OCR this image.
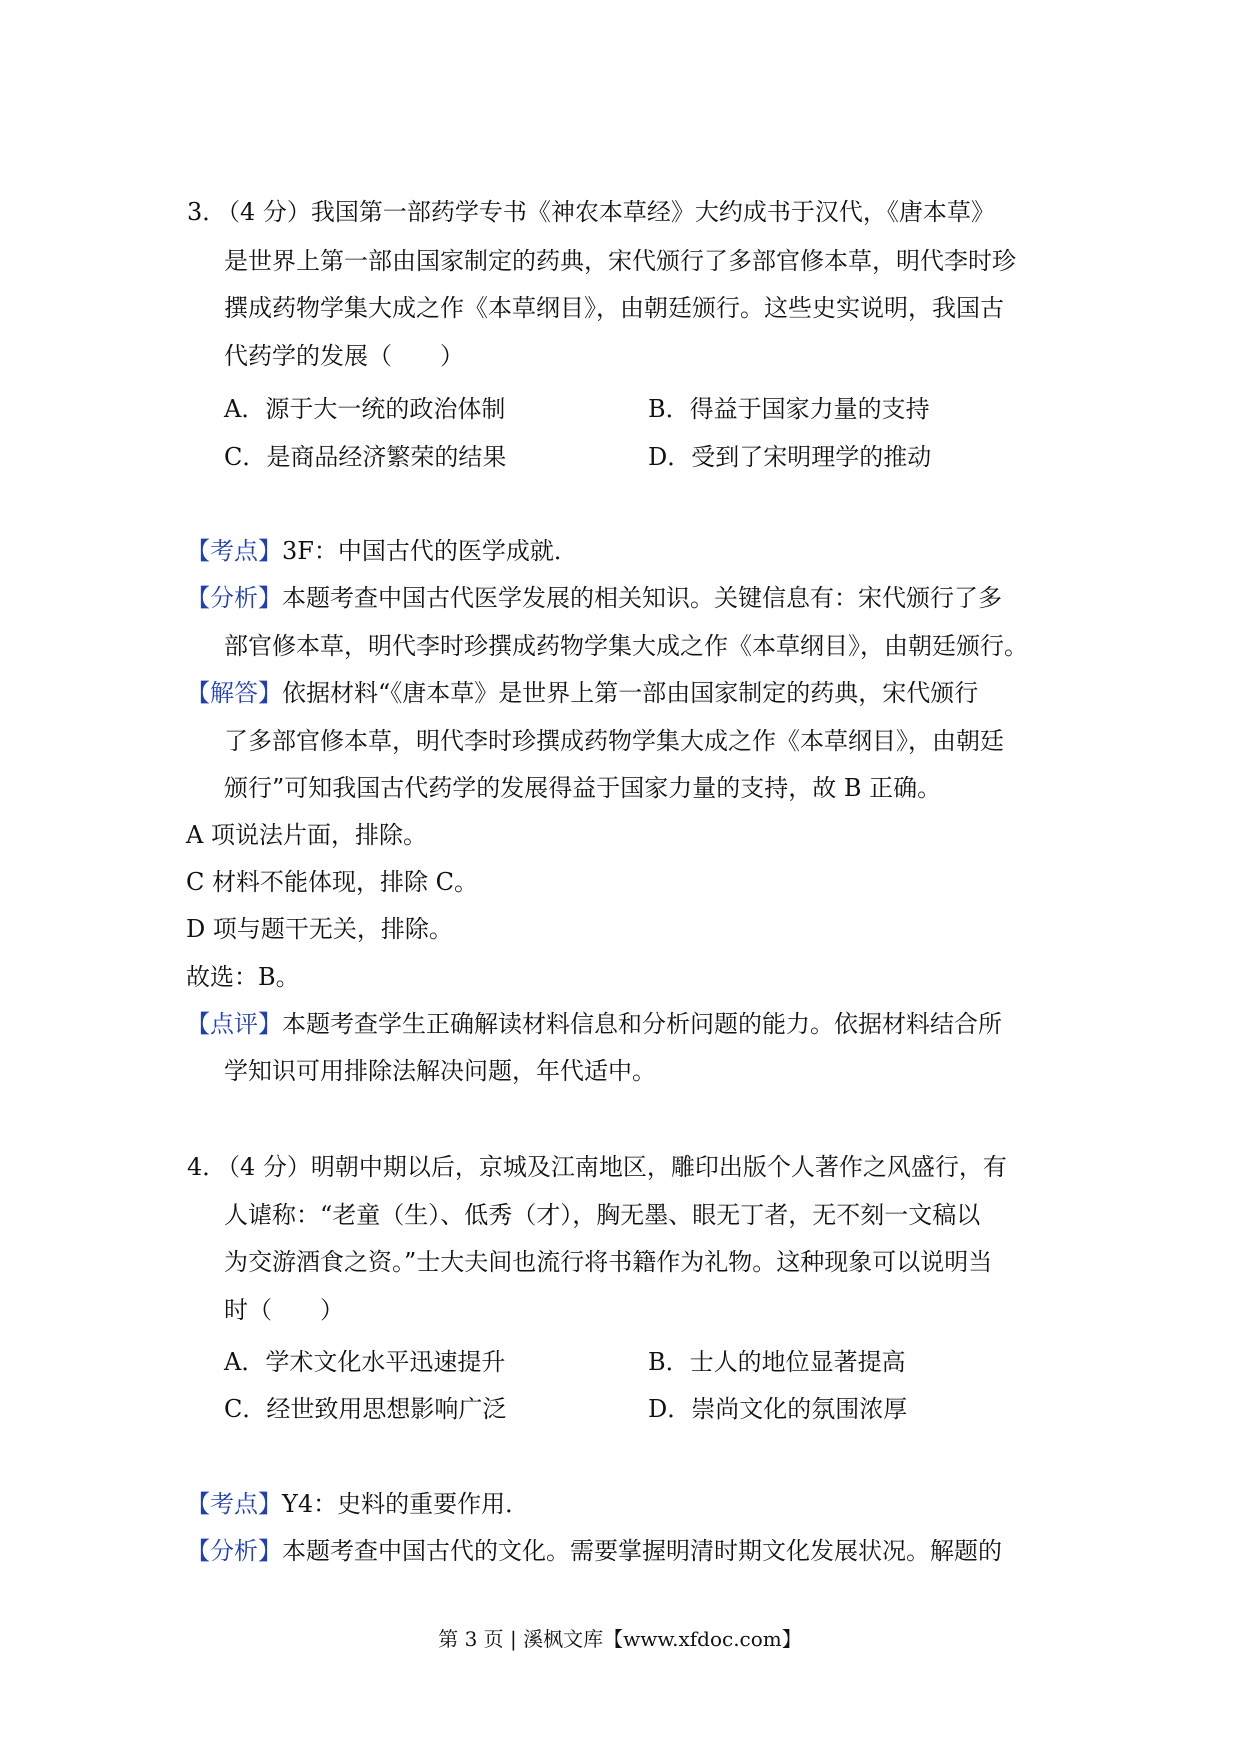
3．
（4 分）我国第一部药学专书《神农本草经》大约成书于汉代，《唐本草》
是世界上第一部由国家制定的药典，宋代颁行了多部官修本草，明代李时珍
撰成药物学集大成之作《本草纲目》，由朝廷颁行。这些史实说明，我国古
代药学的发展（　　）
A．源于大一统的政治体制	B．得益于国家力量的支持
C．是商品经济繁荣的结果	D．受到了宋明理学的推动
【考点】3F：中国古代的医学成就．
【分析】本题考查中国古代医学发展的相关知识。关键信息有：宋代颁行了多
部官修本草，明代李时珍撰成药物学集大成之作《本草纲目》，由朝廷颁行。
【解答】依据材料“《唐本草》是世界上第一部由国家制定的药典，宋代颁行
了多部官修本草，明代李时珍撰成药物学集大成之作《本草纲目》，由朝廷
颁行”可知我国古代药学的发展得益于国家力量的支持，故 B 正确。
A 项说法片面，排除。
C 材料不能体现，排除 C。
D 项与题干无关，排除。
故选：B。
【点评】本题考查学生正确解读材料信息和分析问题的能力。依据材料结合所
学知识可用排除法解决问题，年代适中。
4．
（4 分）明朝中期以后，京城及江南地区，雕印出版个人著作之风盛行，有
人谑称：“老童（生）、低秀（才），胸无墨、眼无丁者，无不刻一文稿以
为交游酒食之资。”士大夫间也流行将书籍作为礼物。这种现象可以说明当
时（　　）
A．学术文化水平迅速提升	B．士人的地位显著提高
C．经世致用思想影响广泛	D．崇尚文化的氛围浓厚
【考点】Y4：史料的重要作用．
【分析】本题考查中国古代的文化。需要掌握明清时期文化发展状况。解题的
第 3 页 | 溪枫文库【www.xfdoc.com】
